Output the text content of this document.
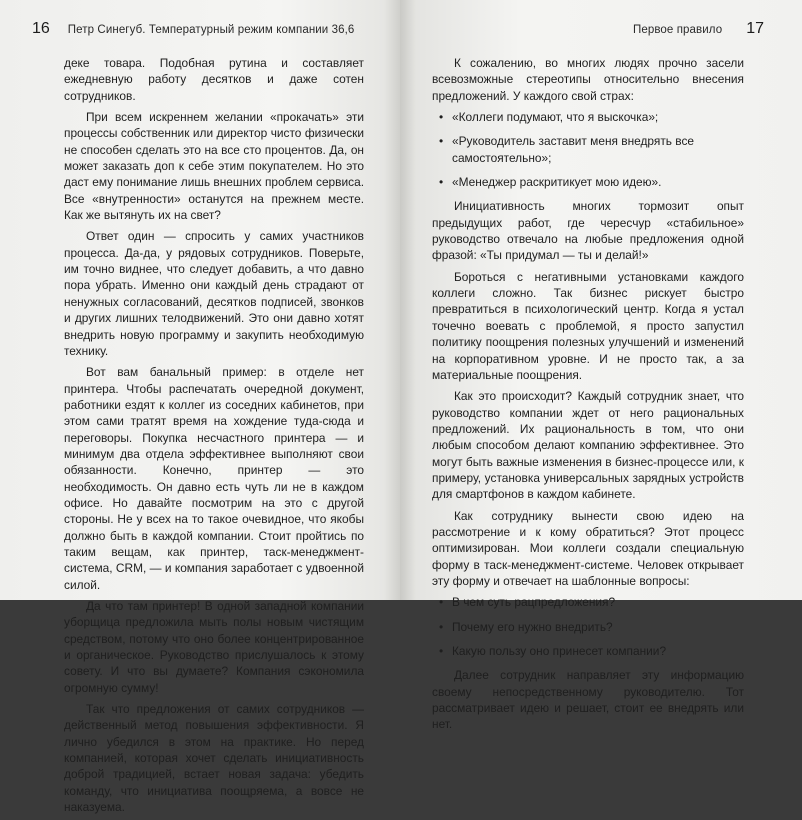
16 Петр Синегуб. Температурный режим компании 36,6

деке товара. Подобная рутина и составляет ежедневную работу десятков и даже сотен сотрудников.

При всем искреннем желании «прокачать» эти процессы собственник или директор чисто физически не способен сделать это на все сто процентов. Да, он может заказать доп к себе этим покупателем. Но это даст ему понимание лишь внешних проблем сервиса. Все «внутренности» останутся на прежнем месте. Как же вытянуть их на свет?

Ответ один — спросить у самих участников процесса. Да-да, у рядовых сотрудников. Поверьте, им точно виднее, что следует добавить, а что давно пора убрать. Именно они каждый день страдают от ненужных согласований, десятков подписей, звонков и других лишних телодвижений. Это они давно хотят внедрить новую программу и закупить необходимую технику.

Вот вам банальный пример: в отделе нет принтера. Чтобы распечатать очередной документ, работники ездят к коллег из соседних кабинетов, при этом сами тратят время на хождение туда-сюда и переговоры. Покупка несчастного принтера — и минимум два отдела эффективнее выполняют свои обязанности. Конечно, принтер — это необходимость. Он давно есть чуть ли не в каждом офисе. Но давайте посмотрим на это с другой стороны. Не у всех на то такое очевидное, что якобы должно быть в каждой компании. Стоит пройтись по таким вещам, как принтер, таск-менеджмент-система, CRM, — и компания заработает с удвоенной силой.

Да что там принтер! В одной западной компании уборщица предложила мыть полы новым чистящим средством, потому что оно более концентрированное и органическое. Руководство прислушалось к этому совету. И что вы думаете? Компания сэкономила огромную сумму!

Так что предложения от самих сотрудников — действенный метод повышения эффективности. Я лично убедился в этом на практике. Но перед компанией, которая хочет сделать инициативность доброй традицией, встает новая задача: убедить команду, что инициатива поощряема, а вовсе не наказуема.

Первое правило 17

К сожалению, во многих людях прочно засели всевозможные стереотипы относительно внесения предложений. У каждого свой страх:

• «Коллеги подумают, что я выскочка»;
• «Руководитель заставит меня внедрять все самостоятельно»;
• «Менеджер раскритикует мою идею».

Инициативность многих тормозит опыт предыдущих работ, где чересчур «стабильное» руководство отвечало на любые предложения одной фразой: «Ты придумал — ты и делай!»

Бороться с негативными установками каждого коллеги сложно. Так бизнес рискует быстро превратиться в психологический центр. Когда я устал точечно воевать с проблемой, я просто запустил политику поощрения полезных улучшений и изменений на корпоративном уровне. И не просто так, а за материальные поощрения.

Как это происходит? Каждый сотрудник знает, что руководство компании ждет от него рациональных предложений. Их рациональность в том, что они любым способом делают компанию эффективнее. Это могут быть важные изменения в бизнес-процессе или, к примеру, установка универсальных зарядных устройств для смартфонов в каждом кабинете.

Как сотруднику вынести свою идею на рассмотрение и к кому обратиться? Этот процесс оптимизирован. Мои коллеги создали специальную форму в таск-менеджмент-системе. Человек открывает эту форму и отвечает на шаблонные вопросы:

• В чем суть рацпредложения?
• Почему его нужно внедрить?
• Какую пользу оно принесет компании?

Далее сотрудник направляет эту информацию своему непосредственному руководителю. Тот рассматривает идею и решает, стоит ее внедрять или нет.
